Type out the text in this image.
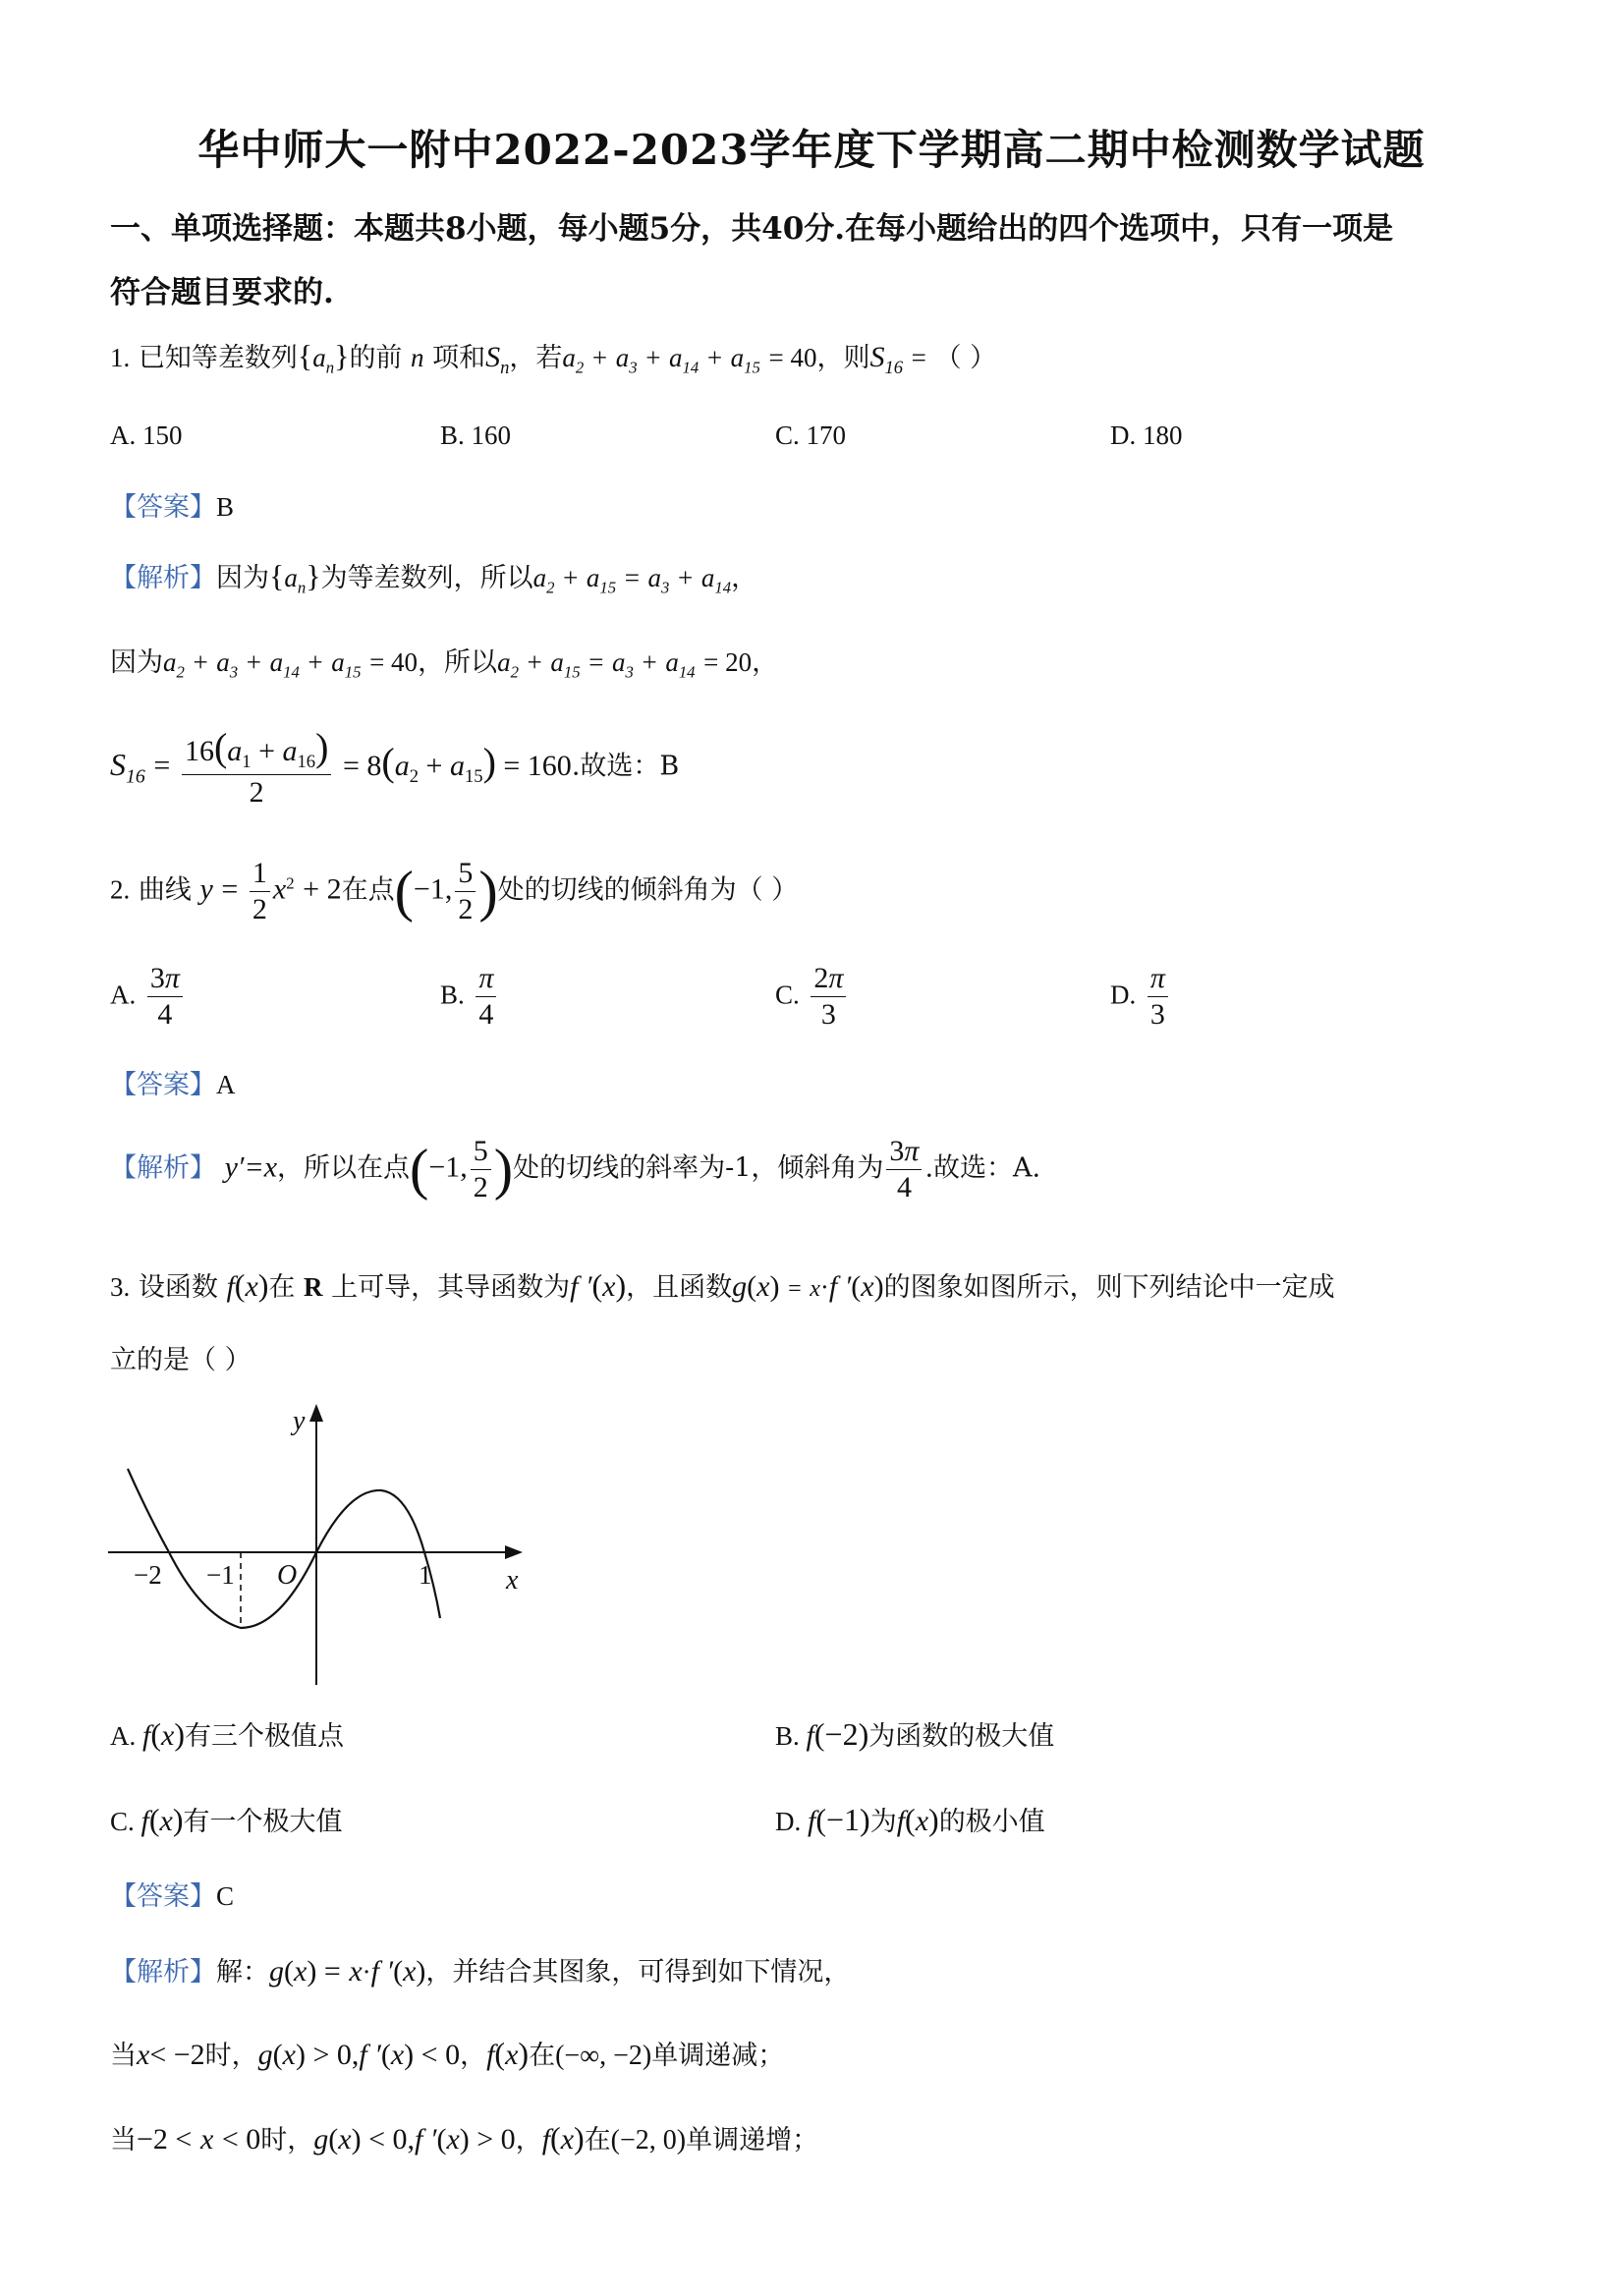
华中师大一附中2022-2023学年度下学期高二期中检测数学试题
一、单项选择题：本题共8小题，每小题5分，共40分.在每小题给出的四个选项中，只有一项是
符合题目要求的.
1. 已知等差数列$\{a_n\}$的前 n 项和$S_n$，若$a_2 + a_3 + a_{14} + a_{15} = 40$，则$S_{16}$ = （ ）
A. 150	B. 160	C. 170	D. 180
【答案】B
【解析】因为$\{a_n\}$为等差数列，所以$a_2 + a_{15} = a_3 + a_{14}$，
因为$a_2 + a_3 + a_{14} + a_{15} = 40$，所以$a_2 + a_{15} = a_3 + a_{14} = 20$，
$S_{16} = \frac{16(a_1 + a_{16})}{2} = 8(a_2 + a_{15}) = 160$.故选：B
2. 曲线 $y = \frac{1}{2} x^2 + 2$在点(−1, $\frac{5}{2}$ )处的切线的倾斜角为（ ）
A. $\frac{3\pi}{4}$	B. $\frac{\pi}{4}$	C. $\frac{2\pi}{3}$	D. $\frac{\pi}{3}$
【答案】A
【解析】 y′=x，所以在点(−1, $\frac{5}{2}$ )处的切线的斜率为-1，倾斜角为 $\frac{3\pi}{4}$ .故选：A.
3. 设函数 f(x)在 R 上可导，其导函数为f ′(x)，且函数g(x) = x·f ′(x)的图象如图所示，则下列结论中一定成
立的是（ ）
y
x
O
−2 −1	1
A. f(x)有三个极值点	B. f(−2)为函数的极大值
C. f(x)有一个极大值	D. f(−1)为f(x)的极小值
【答案】C
【解析】解：g(x) = x·f ′(x)，并结合其图象，可得到如下情况，
当x< −2时，g(x) > 0,f ′(x) < 0，f(x)在(−∞, −2)单调递减；
当−2 < x < 0时，g(x) < 0,f ′(x) > 0，f(x)在(−2, 0)单调递增；
